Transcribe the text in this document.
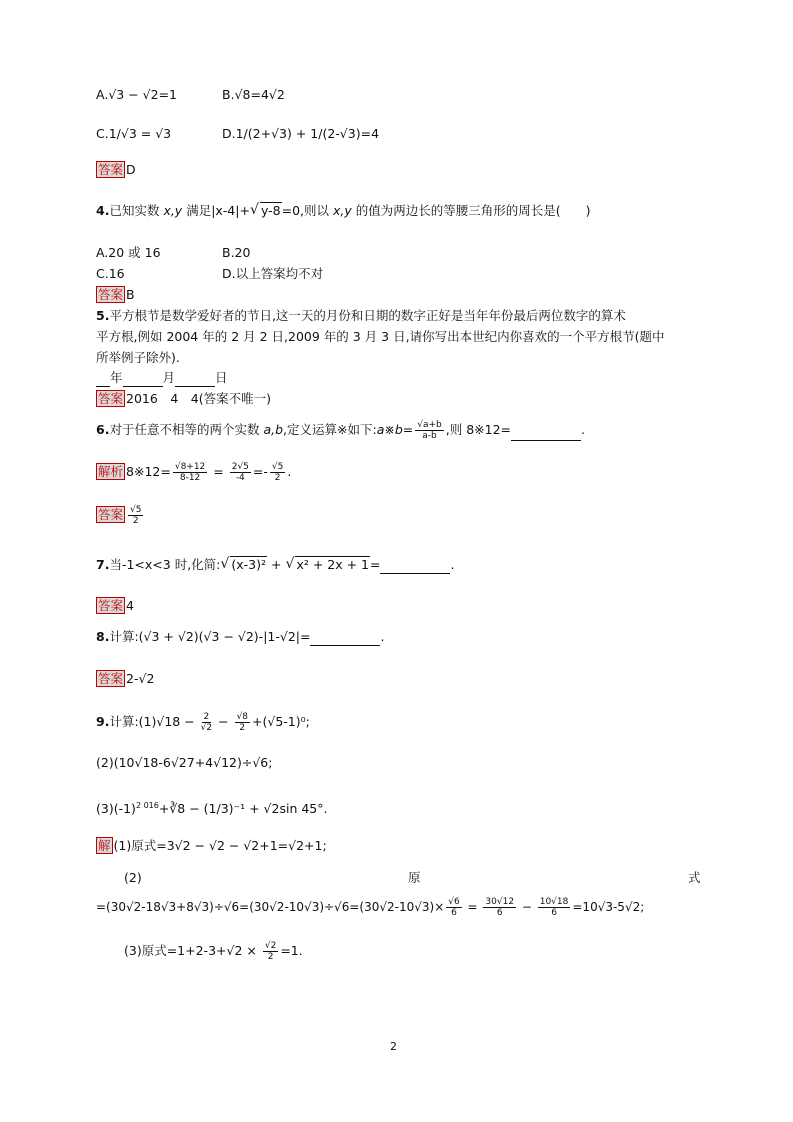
A.√3 − √2=1	B.√8=4√2
C.1/√3 = √3	D.1/(2+√3) + 1/(2-√3)=4
答案 D
4.已知实数 x,y 满足|x-4|+ √ y-8=0,则以 x,y 的值为两边长的等腰三角形的周长是(　　)
A.20 或 16	B.20
C.16	D.以上答案均不对
答案 B
5.平方根节是数学爱好者的节日,这一天的月份和日期的数字正好是当年年份最后两位数字的算术
平方根,例如 2004 年的 2 月 2 日,2009 年的 3 月 3 日,请你写出本世纪内你喜欢的一个平方根节(题中
所举例子除外).
年	月	日
答案 2016　4　4(答案不唯一)
6.对于任意不相等的两个实数 a,b,定义运算※如下:a※b= $\frac{√a+b}{a-b}$ ,则 8※12=	.
解析 8※12= $\frac{√8+12}{8-12} = \frac{2√5}{-4} =- \frac{√5}{2}$ .
答案 $\frac{√5}{2}$
7.当-1<x<3 时,化简: √ (x-3)² + √ x² + 2x + 1=	.
答案 4
8.计算:(√3 + √2)(√3 − √2)-|1-√2|=	.
答案 2-√2
9.计算:(1)√18 − $\frac{2}{√2} - \frac{√8}{2} +(√5-1)^0$;
(2)(10√18-6√27+4√12)÷√6;
$(3)(-1)^{2 016}+∛8 - (1/3)^{-1} + √2\sin$ 45°.
解 (1)原式=3√2 − √2 − √2+1=√2+1;
(2)	原	式
$=(30√2-18√3+8√3)\div√6=(30√2-10√3)\div√6=(30√2-10√3)\times \frac{√6}{6} = \frac{30√12}{6} - \frac{10√18}{6} =10√3-5√2$;
(3)原式$=1+2-3+√2 \times \frac{√2}{2} =1$.
2
